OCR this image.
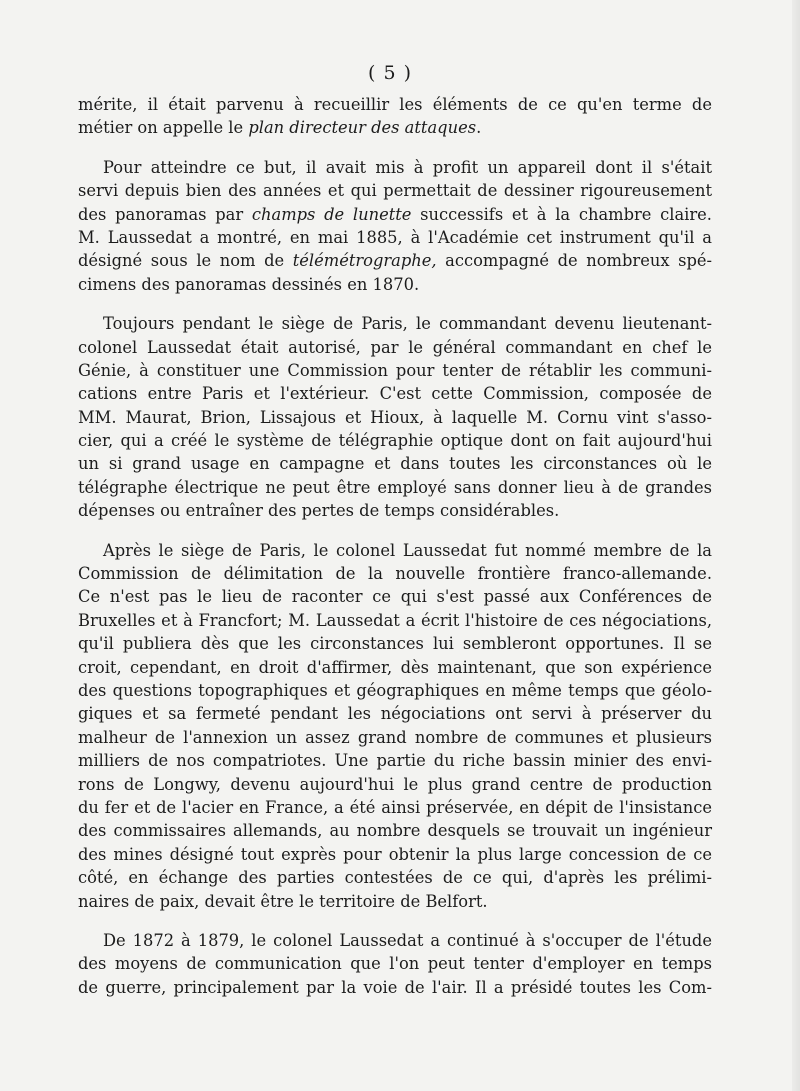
( 5 )
mérite, il était parvenu à recueillir les éléments de ce qu'en terme de
métier on appelle le plan directeur des attaques.
Pour atteindre ce but, il avait mis à profit un appareil dont il s'était
servi depuis bien des années et qui permettait de dessiner rigoureusement
des panoramas par champs de lunette successifs et à la chambre claire.
M. Laussedat a montré, en mai 1885, à l'Académie cet instrument qu'il a
désigné sous le nom de télémétrographe, accompagné de nombreux spé-
cimens des panoramas dessinés en 1870.
Toujours pendant le siège de Paris, le commandant devenu lieutenant-
colonel Laussedat était autorisé, par le général commandant en chef le
Génie, à constituer une Commission pour tenter de rétablir les communi-
cations entre Paris et l'extérieur. C'est cette Commission, composée de
MM. Maurat, Brion, Lissajous et Hioux, à laquelle M. Cornu vint s'asso-
cier, qui a créé le système de télégraphie optique dont on fait aujourd'hui
un si grand usage en campagne et dans toutes les circonstances où le
télégraphe électrique ne peut être employé sans donner lieu à de grandes
dépenses ou entraîner des pertes de temps considérables.
Après le siège de Paris, le colonel Laussedat fut nommé membre de la
Commission de délimitation de la nouvelle frontière franco-allemande.
Ce n'est pas le lieu de raconter ce qui s'est passé aux Conférences de
Bruxelles et à Francfort; M. Laussedat a écrit l'histoire de ces négociations,
qu'il publiera dès que les circonstances lui sembleront opportunes. Il se
croit, cependant, en droit d'affirmer, dès maintenant, que son expérience
des questions topographiques et géographiques en même temps que géolo-
giques et sa fermeté pendant les négociations ont servi à préserver du
malheur de l'annexion un assez grand nombre de communes et plusieurs
milliers de nos compatriotes. Une partie du riche bassin minier des envi-
rons de Longwy, devenu aujourd'hui le plus grand centre de production
du fer et de l'acier en France, a été ainsi préservée, en dépit de l'insistance
des commissaires allemands, au nombre desquels se trouvait un ingénieur
des mines désigné tout exprès pour obtenir la plus large concession de ce
côté, en échange des parties contestées de ce qui, d'après les prélimi-
naires de paix, devait être le territoire de Belfort.
De 1872 à 1879, le colonel Laussedat a continué à s'occuper de l'étude
des moyens de communication que l'on peut tenter d'employer en temps
de guerre, principalement par la voie de l'air. Il a présidé toutes les Com-
